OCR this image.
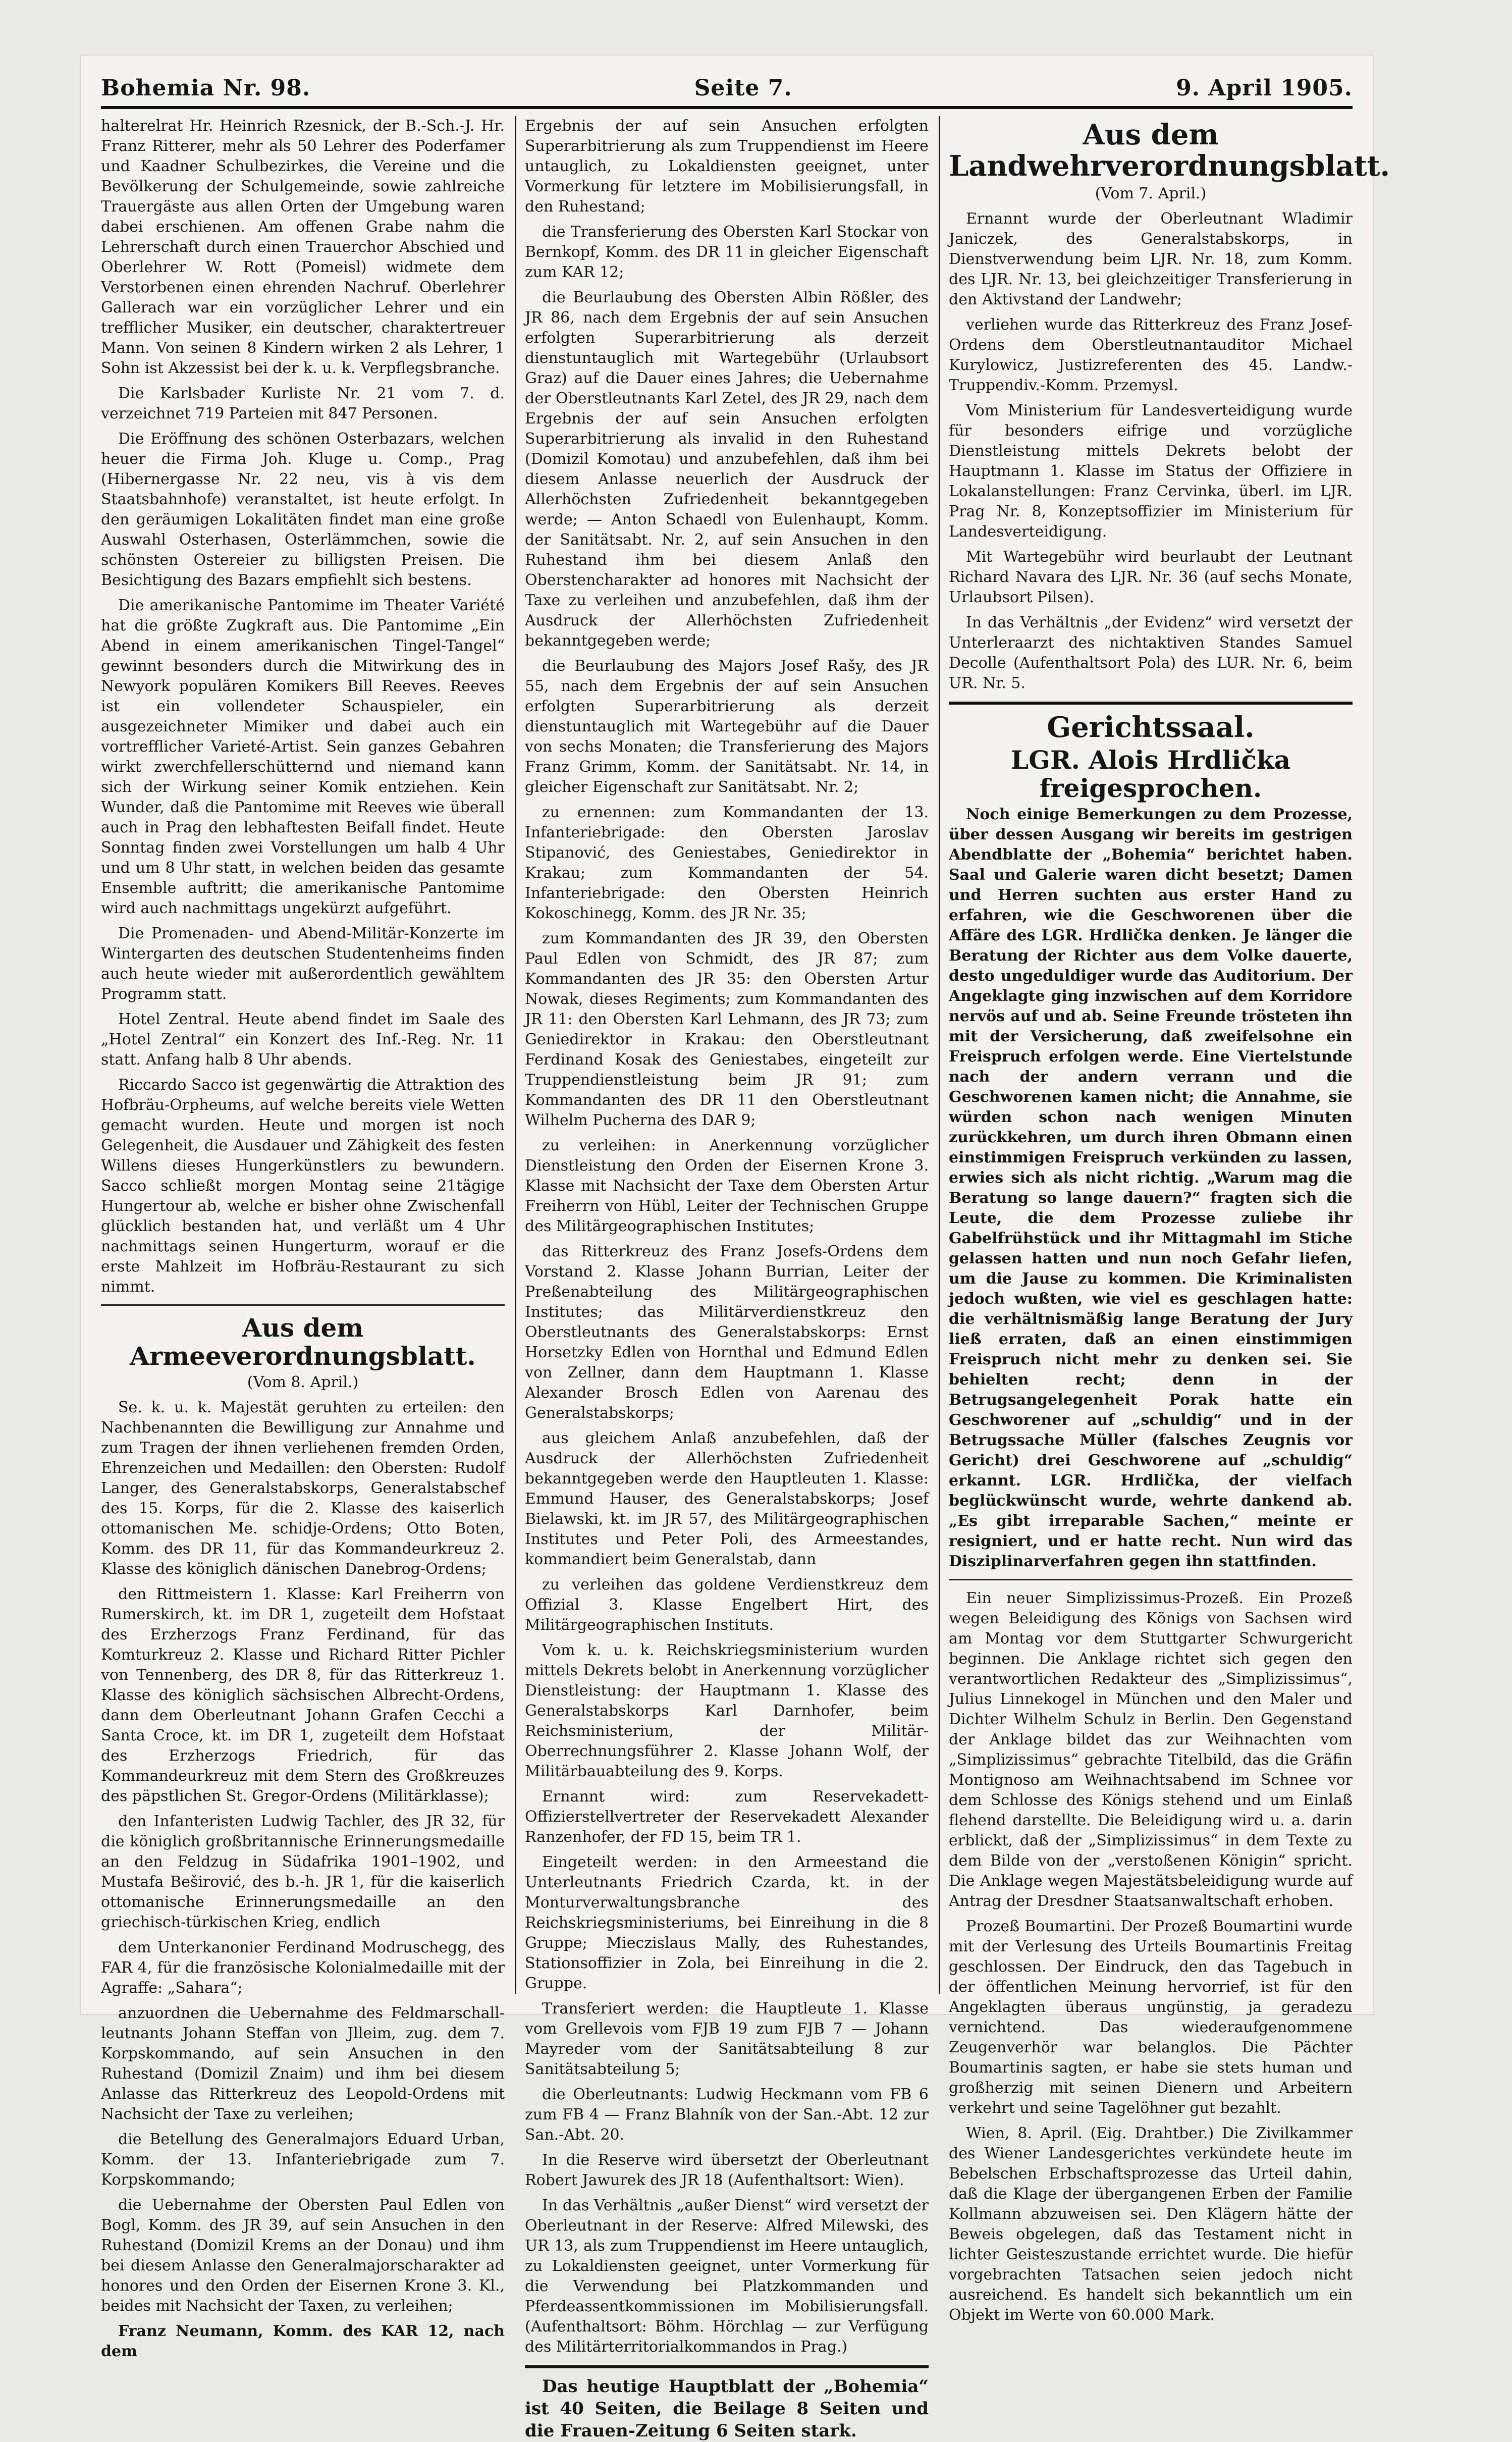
Bohemia Nr. 98.	Seite 7.	9. April 1905.

halterelrat Hr. Heinrich Rzesnick, der B.-Sch.-J. Hr. Franz Ritterer, mehr als 50 Lehrer des Poderfamer und Kaadner Schulbezirkes, die Vereine und die Bevölkerung der Schulgemeinde, sowie zahlreiche Trauergäste aus allen Orten der Umgebung waren dabei erschienen. Am offenen Grabe nahm die Lehrerschaft durch einen Trauerchor Abschied und Oberlehrer W. Rott (Pomeisl) widmete dem Verstorbenen einen ehrenden Nachruf. Oberlehrer Gallerach war ein vorzüglicher Lehrer und ein trefflicher Musiker, ein deutscher, charaktertreuer Mann. Von seinen 8 Kindern wirken 2 als Lehrer, 1 Sohn ist Akzessist bei der k. u. k. Verpflegsbranche.

Die Karlsbader Kurliste Nr. 21 vom 7. d. verzeichnet 719 Parteien mit 847 Personen.

Die Eröffnung des schönen Osterbazars, welchen heuer die Firma Joh. Kluge u. Comp., Prag (Hibernergasse Nr. 22 neu, vis à vis dem Staatsbahnhofe) veranstaltet, ist heute erfolgt. In den geräumigen Lokalitäten findet man eine große Auswahl Osterhasen, Osterlämmchen, sowie die schönsten Ostereier zu billigsten Preisen. Die Besichtigung des Bazars empfiehlt sich bestens.

Die amerikanische Pantomime im Theater Variété hat die größte Zugkraft aus. Die Pantomime „Ein Abend in einem amerikanischen Tingel-Tangel“ gewinnt besonders durch die Mitwirkung des in Newyork populären Komikers Bill Reeves. Reeves ist ein vollendeter Schauspieler, ein ausgezeichneter Mimiker und dabei auch ein vortrefflicher Varieté-Artist. Sein ganzes Gebahren wirkt zwerchfellerschütternd und niemand kann sich der Wirkung seiner Komik entziehen. Kein Wunder, daß die Pantomime mit Reeves wie überall auch in Prag den lebhaftesten Beifall findet. Heute Sonntag finden zwei Vorstellungen um halb 4 Uhr und um 8 Uhr statt, in welchen beiden das gesamte Ensemble auftritt; die amerikanische Pantomime wird auch nachmittags ungekürzt aufgeführt.

Die Promenaden- und Abend-Militär-Konzerte im Wintergarten des deutschen Studentenheims finden auch heute wieder mit außerordentlich gewähltem Programm statt.

Hotel Zentral. Heute abend findet im Saale des „Hotel Zentral“ ein Konzert des Inf.-Reg. Nr. 11 statt. Anfang halb 8 Uhr abends.

Riccardo Sacco ist gegenwärtig die Attraktion des Hofbräu-Orpheums, auf welche bereits viele Wetten gemacht wurden. Heute und morgen ist noch Gelegenheit, die Ausdauer und Zähigkeit des festen Willens dieses Hungerkünstlers zu bewundern. Sacco schließt morgen Montag seine 21tägige Hungertour ab, welche er bisher ohne Zwischenfall glücklich bestanden hat, und verläßt um 4 Uhr nachmittags seinen Hungerturm, worauf er die erste Mahlzeit im Hofbräu-Restaurant zu sich nimmt.

Aus dem Armeeverordnungsblatt.
(Vom 8. April.)

Se. k. u. k. Majestät geruhten zu erteilen: den Nachbenannten die Bewilligung zur Annahme und zum Tragen der ihnen verliehenen fremden Orden, Ehrenzeichen und Medaillen: den Obersten: Rudolf Langer, des Generalstabskorps, Generalstabschef des 15. Korps, für die 2. Klasse des kaiserlich ottomanischen Me. schidje-Ordens; Otto Boten, Komm. des DR 11, für das Kommandeurkreuz 2. Klasse des königlich dänischen Danebrog-Ordens;

den Rittmeistern 1. Klasse: Karl Freiherrn von Rumerskirch, kt. im DR 1, zugeteilt dem Hofstaat des Erzherzogs Franz Ferdinand, für das Komturkreuz 2. Klasse und Richard Ritter Pichler von Tennenberg, des DR 8, für das Ritterkreuz 1. Klasse des königlich sächsischen Albrecht-Ordens, dann dem Oberleutnant Johann Grafen Cecchi a Santa Croce, kt. im DR 1, zugeteilt dem Hofstaat des Erzherzogs Friedrich, für das Kommandeurkreuz mit dem Stern des Großkreuzes des päpstlichen St. Gregor-Ordens (Militärklasse);

den Infanteristen Ludwig Tachler, des JR 32, für die königlich großbritannische Erinnerungsmedaille an den Feldzug in Südafrika 1901–1902, und Mustafa Beširović, des b.-h. JR 1, für die kaiserlich ottomanische Erinnerungsmedaille an den griechisch-türkischen Krieg, endlich

dem Unterkanonier Ferdinand Modruschegg, des FAR 4, für die französische Kolonialmedaille mit der Agraffe: „Sahara“;

anzuordnen die Uebernahme des Feldmarschall-leutnants Johann Steffan von Jlleim, zug. dem 7. Korpskommando, auf sein Ansuchen in den Ruhestand (Domizil Znaim) und ihm bei diesem Anlasse das Ritterkreuz des Leopold-Ordens mit Nachsicht der Taxe zu verleihen;

die Betellung des Generalmajors Eduard Urban, Komm. der 13. Infanteriebrigade zum 7. Korpskommando;

die Uebernahme der Obersten Paul Edlen von Bogl, Komm. des JR 39, auf sein Ansuchen in den Ruhestand (Domizil Krems an der Donau) und ihm bei diesem Anlasse den Generalmajorscharakter ad honores und den Orden der Eisernen Krone 3. Kl., beides mit Nachsicht der Taxen, zu verleihen;

Franz Neumann, Komm. des KAR 12, nach dem

Ergebnis der auf sein Ansuchen erfolgten Superarbitrierung als zum Truppendienst im Heere untauglich, zu Lokaldiensten geeignet, unter Vormerkung für letztere im Mobilisierungsfall, in den Ruhestand;

die Transferierung des Obersten Karl Stockar von Bernkopf, Komm. des DR 11 in gleicher Eigenschaft zum KAR 12;

die Beurlaubung des Obersten Albin Rößler, des JR 86, nach dem Ergebnis der auf sein Ansuchen erfolgten Superarbitrierung als derzeit dienstuntauglich mit Wartegebühr (Urlaubsort Graz) auf die Dauer eines Jahres; die Uebernahme der Oberstleutnants Karl Zetel, des JR 29, nach dem Ergebnis der auf sein Ansuchen erfolgten Superarbitrierung als invalid in den Ruhestand (Domizil Komotau) und anzubefehlen, daß ihm bei diesem Anlasse neuerlich der Ausdruck der Allerhöchsten Zufriedenheit bekanntgegeben werde; — Anton Schaedl von Eulenhaupt, Komm. der Sanitätsabt. Nr. 2, auf sein Ansuchen in den Ruhestand ihm bei diesem Anlaß den Oberstencharakter ad honores mit Nachsicht der Taxe zu verleihen und anzubefehlen, daß ihm der Ausdruck der Allerhöchsten Zufriedenheit bekanntgegeben werde;

die Beurlaubung des Majors Josef Rašy, des JR 55, nach dem Ergebnis der auf sein Ansuchen erfolgten Superarbitrierung als derzeit dienstuntauglich mit Wartegebühr auf die Dauer von sechs Monaten; die Transferierung des Majors Franz Grimm, Komm. der Sanitätsabt. Nr. 14, in gleicher Eigenschaft zur Sanitätsabt. Nr. 2;

zu ernennen: zum Kommandanten der 13. Infanteriebrigade: den Obersten Jaroslav Stipanović, des Geniestabes, Geniedirektor in Krakau; zum Kommandanten der 54. Infanteriebrigade: den Obersten Heinrich Kokoschinegg, Komm. des JR Nr. 35;

zum Kommandanten des JR 39, den Obersten Paul Edlen von Schmidt, des JR 87; zum Kommandanten des JR 35: den Obersten Artur Nowak, dieses Regiments; zum Kommandanten des JR 11: den Obersten Karl Lehmann, des JR 73; zum Geniedirektor in Krakau: den Oberstleutnant Ferdinand Kosak des Geniestabes, eingeteilt zur Truppendienstleistung beim JR 91; zum Kommandanten des DR 11 den Oberstleutnant Wilhelm Pucherna des DAR 9;

zu verleihen: in Anerkennung vorzüglicher Dienstleistung den Orden der Eisernen Krone 3. Klasse mit Nachsicht der Taxe dem Obersten Artur Freiherrn von Hübl, Leiter der Technischen Gruppe des Militärgeographischen Institutes;

das Ritterkreuz des Franz Josefs-Ordens dem Vorstand 2. Klasse Johann Burrian, Leiter der Preßenabteilung des Militärgeographischen Institutes; das Militärverdienstkreuz den Oberstleutnants des Generalstabskorps: Ernst Horsetzky Edlen von Hornthal und Edmund Edlen von Zellner, dann dem Hauptmann 1. Klasse Alexander Brosch Edlen von Aarenau des Generalstabskorps;

aus gleichem Anlaß anzubefehlen, daß der Ausdruck der Allerhöchsten Zufriedenheit bekanntgegeben werde den Hauptleuten 1. Klasse: Emmund Hauser, des Generalstabskorps; Josef Bielawski, kt. im JR 57, des Militärgeographischen Institutes und Peter Poli, des Armeestandes, kommandiert beim Generalstab, dann

zu verleihen das goldene Verdienstkreuz dem Offizial 3. Klasse Engelbert Hirt, des Militärgeographischen Instituts.

Vom k. u. k. Reichskriegsministerium wurden mittels Dekrets belobt in Anerkennung vorzüglicher Dienstleistung: der Hauptmann 1. Klasse des Generalstabskorps Karl Darnhofer, beim Reichsministerium, der Militär-Oberrechnungsführer 2. Klasse Johann Wolf, der Militärbauabteilung des 9. Korps.

Ernannt wird: zum Reservekadett-Offizierstellvertreter der Reservekadett Alexander Ranzenhofer, der FD 15, beim TR 1.

Eingeteilt werden: in den Armeestand die Unterleutnants Friedrich Czarda, kt. in der Monturverwaltungsbranche des Reichskriegsministeriums, bei Einreihung in die 8 Gruppe; Mieczislaus Mally, des Ruhestandes, Stationsoffizier in Zola, bei Einreihung in die 2. Gruppe.

Transferiert werden: die Hauptleute 1. Klasse vom Grellevois vom FJB 19 zum FJB 7 — Johann Mayreder vom der Sanitätsabteilung 8 zur Sanitätsabteilung 5;

die Oberleutnants: Ludwig Heckmann vom FB 6 zum FB 4 — Franz Blahník von der San.-Abt. 12 zur San.-Abt. 20.

In die Reserve wird übersetzt der Oberleutnant Robert Jawurek des JR 18 (Aufenthaltsort: Wien).

In das Verhältnis „außer Dienst“ wird versetzt der Oberleutnant in der Reserve: Alfred Milewski, des UR 13, als zum Truppendienst im Heere untauglich, zu Lokaldiensten geeignet, unter Vormerkung für die Verwendung bei Platzkommanden und Pferdeassentkommissionen im Mobilisierungsfall. (Aufenthaltsort: Böhm. Hörchlag — zur Verfügung des Militärterritorialkommandos in Prag.)

Das heutige Hauptblatt der „Bohemia“ ist 40 Seiten, die Beilage 8 Seiten und die Frauen-Zeitung 6 Seiten stark.

Aus dem Landwehrverordnungsblatt.
(Vom 7. April.)

Ernannt wurde der Oberleutnant Wladimir Janiczek, des Generalstabskorps, in Dienstverwendung beim LJR. Nr. 18, zum Komm. des LJR. Nr. 13, bei gleichzeitiger Transferierung in den Aktivstand der Landwehr;

verliehen wurde das Ritterkreuz des Franz Josef-Ordens dem Oberstleutnantauditor Michael Kurylowicz, Justizreferenten des 45. Landw.-Truppendiv.-Komm. Przemysl.

Vom Ministerium für Landesverteidigung wurde für besonders eifrige und vorzügliche Dienstleistung mittels Dekrets belobt der Hauptmann 1. Klasse im Status der Offiziere in Lokalanstellungen: Franz Cervinka, überl. im LJR. Prag Nr. 8, Konzeptsoffizier im Ministerium für Landesverteidigung.

Mit Wartegebühr wird beurlaubt der Leutnant Richard Navara des LJR. Nr. 36 (auf sechs Monate, Urlaubsort Pilsen).

In das Verhältnis „der Evidenz“ wird versetzt der Unterleraarzt des nichtaktiven Standes Samuel Decolle (Aufenthaltsort Pola) des LUR. Nr. 6, beim UR. Nr. 5.

Gerichtssaal.
LGR. Alois Hrdlička freigesprochen.

Noch einige Bemerkungen zu dem Prozesse, über dessen Ausgang wir bereits im gestrigen Abendblatte der „Bohemia“ berichtet haben. Saal und Galerie waren dicht besetzt; Damen und Herren suchten aus erster Hand zu erfahren, wie die Geschworenen über die Affäre des LGR. Hrdlička denken. Je länger die Beratung der Richter aus dem Volke dauerte, desto ungeduldiger wurde das Auditorium. Der Angeklagte ging inzwischen auf dem Korridore nervös auf und ab. Seine Freunde trösteten ihn mit der Versicherung, daß zweifelsohne ein Freispruch erfolgen werde. Eine Viertelstunde nach der andern verrann und die Geschworenen kamen nicht; die Annahme, sie würden schon nach wenigen Minuten zurückkehren, um durch ihren Obmann einen einstimmigen Freispruch verkünden zu lassen, erwies sich als nicht richtig. „Warum mag die Beratung so lange dauern?“ fragten sich die Leute, die dem Prozesse zuliebe ihr Gabelfrühstück und ihr Mittagmahl im Stiche gelassen hatten und nun noch Gefahr liefen, um die Jause zu kommen. Die Kriminalisten jedoch wußten, wie viel es geschlagen hatte: die verhältnismäßig lange Beratung der Jury ließ erraten, daß an einen einstimmigen Freispruch nicht mehr zu denken sei. Sie behielten recht; denn in der Betrugsangelegenheit Porak hatte ein Geschworener auf „schuldig“ und in der Betrugssache Müller (falsches Zeugnis vor Gericht) drei Geschworene auf „schuldig“ erkannt. LGR. Hrdlička, der vielfach beglückwünscht wurde, wehrte dankend ab. „Es gibt irreparable Sachen,“ meinte er resigniert, und er hatte recht. Nun wird das Disziplinarverfahren gegen ihn stattfinden.

Ein neuer Simplizissimus-Prozeß. Ein Prozeß wegen Beleidigung des Königs von Sachsen wird am Montag vor dem Stuttgarter Schwurgericht beginnen. Die Anklage richtet sich gegen den verantwortlichen Redakteur des „Simplizissimus“, Julius Linnekogel in München und den Maler und Dichter Wilhelm Schulz in Berlin. Den Gegenstand der Anklage bildet das zur Weihnachten vom „Simplizissimus“ gebrachte Titelbild, das die Gräfin Montignoso am Weihnachtsabend im Schnee vor dem Schlosse des Königs stehend und um Einlaß flehend darstellte. Die Beleidigung wird u. a. darin erblickt, daß der „Simplizissimus“ in dem Texte zu dem Bilde von der „verstoßenen Königin“ spricht. Die Anklage wegen Majestätsbeleidigung wurde auf Antrag der Dresdner Staatsanwaltschaft erhoben.

Prozeß Boumartini. Der Prozeß Boumartini wurde mit der Verlesung des Urteils Boumartinis Freitag geschlossen. Der Eindruck, den das Tagebuch in der öffentlichen Meinung hervorrief, ist für den Angeklagten überaus ungünstig, ja geradezu vernichtend. Das wiederaufgenommene Zeugenverhör war belanglos. Die Pächter Boumartinis sagten, er habe sie stets human und großherzig mit seinen Dienern und Arbeitern verkehrt und seine Tagelöhner gut bezahlt.

Wien, 8. April. (Eig. Drahtber.) Die Zivilkammer des Wiener Landesgerichtes verkündete heute im Bebelschen Erbschaftsprozesse das Urteil dahin, daß die Klage der übergangenen Erben der Familie Kollmann abzuweisen sei. Den Klägern hätte der Beweis obgelegen, daß das Testament nicht in lichter Geisteszustande errichtet wurde. Die hiefür vorgebrachten Tatsachen seien jedoch nicht ausreichend. Es handelt sich bekanntlich um ein Objekt im Werte von 60.000 Mark.
